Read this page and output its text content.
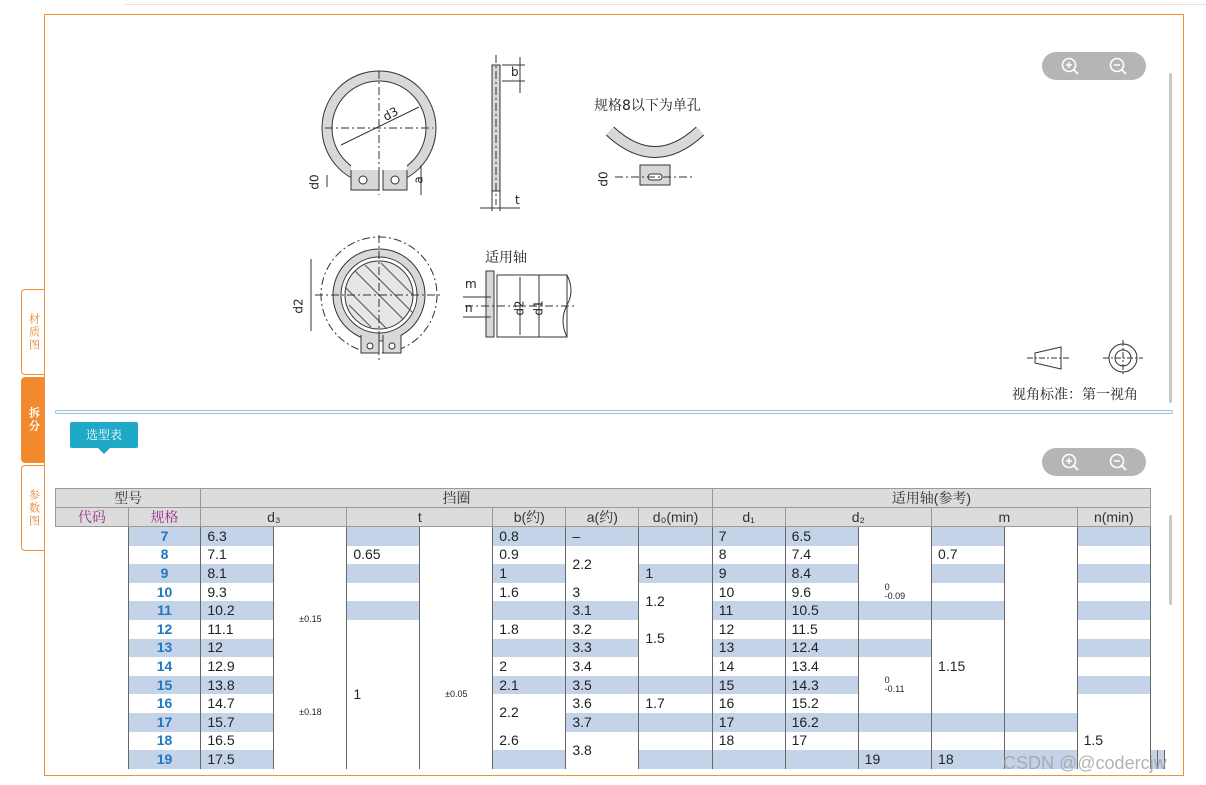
材质图
拆分
参数图
d3
d0	a
b
t
规格8以下为单孔
d0
适用轴
d2
m
n	d2 d1
视角标准：第一视角
选型表
型号		挡圈							适用轴(参考)							
代码	规格	d₃		t		b(约)	a(约)	d₀(min)	d₁	d₂		m		n(min)		
	7	6.3				0.8	–		7	6.5						
	8	7.1		0.65		0.9	2.2		8	7.4		0.7				
	9	8.1				1		1	9	8.4						
	10	9.3	±0.15			1.6	3	1.2	10	9.6	0
-0.09					
	11	10.2					3.1		11	10.5						
	12	11.1		1	±0.05	1.8	3.2	1.5	12	11.5		1.15				
	13	12					3.3		13	12.4						
	14	12.9	±0.18			2	3.4		14	13.4						
	15	13.8				2.1	3.5		15	14.3	0
-0.11					
	16	14.7				2.2	3.6	1.7	16	15.2						
	17	15.7					3.7		17	16.2				1.5		
	18	16.5				2.6	3.8		18	17						
	19	17.5									19	18					CSDN @@codercjw
